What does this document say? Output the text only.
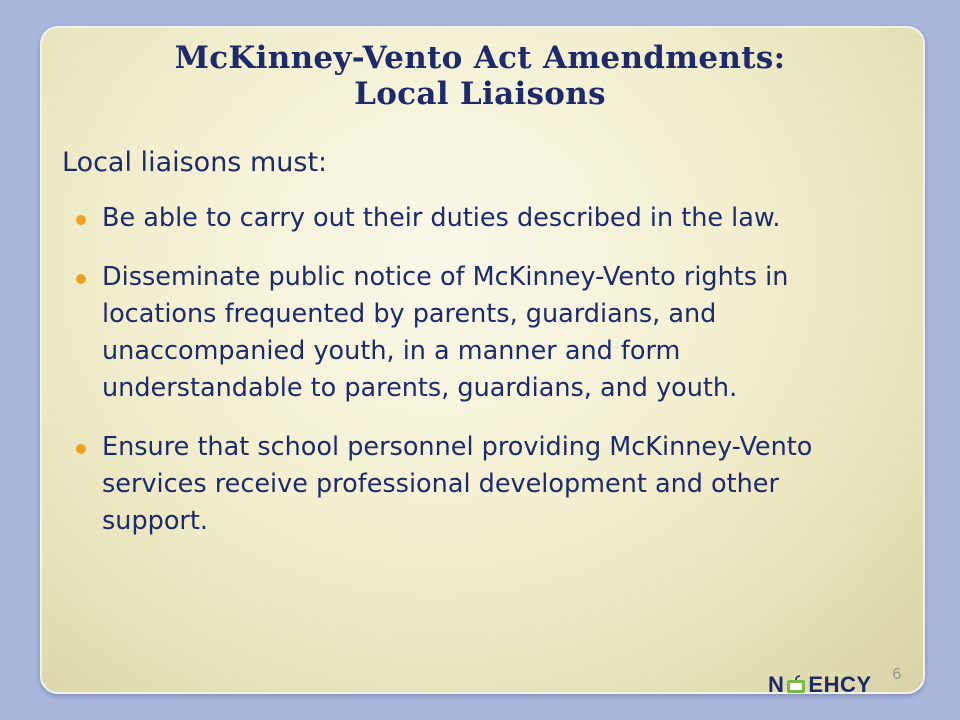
McKinney-Vento Act Amendments:
Local Liaisons
Local liaisons must:
Be able to carry out their duties described in the law.
Disseminate public notice of McKinney-Vento rights in locations frequented by parents, guardians, and unaccompanied youth, in a manner and form understandable to parents, guardians, and youth.
Ensure that school personnel providing McKinney-Vento services receive professional development and other support.
6
N EHCY
